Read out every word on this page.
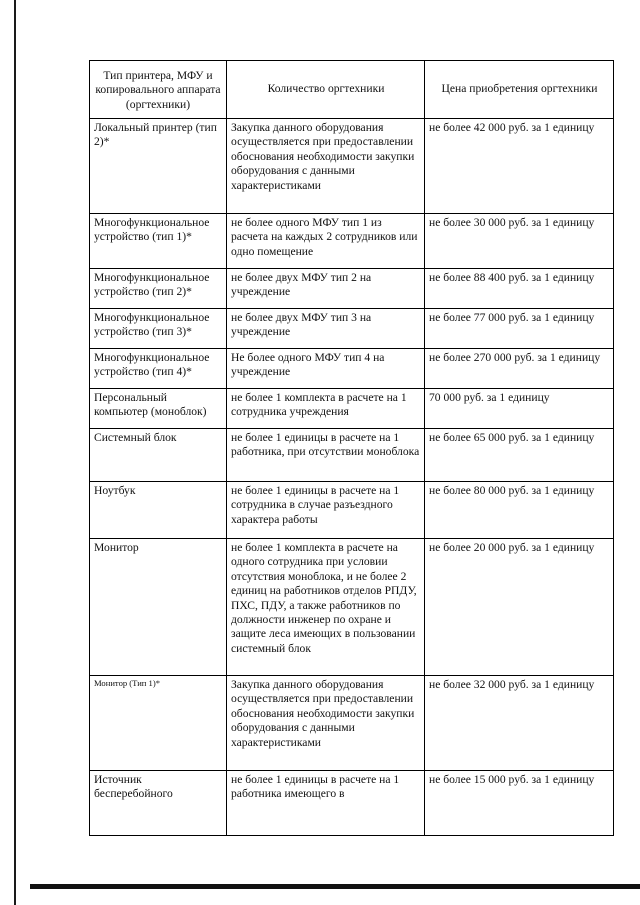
Тип принтера, МФУ и копировального аппарата (оргтехники)	Количество оргтехники	Цена приобретения оргтехники
Локальный принтер (тип 2)*	Закупка данного оборудования осуществляется при предоставлении обоснования необходимости закупки оборудования с данными характеристиками	не более 42 000 руб. за 1 единицу
Многофункциональное устройство (тип 1)*	не более одного МФУ тип 1 из расчета на каждых 2 сотрудников или одно помещение	не более 30 000 руб. за 1 единицу
Многофункциональное устройство (тип 2)*	не более двух МФУ тип 2 на учреждение	не более 88 400 руб. за 1 единицу
Многофункциональное устройство (тип 3)*	не более двух МФУ тип 3 на учреждение	не более 77 000 руб. за 1 единицу
Многофункциональное устройство (тип 4)*	Не более одного МФУ тип 4 на учреждение	не более 270 000 руб. за 1 единицу
Персональный компьютер (моноблок)	не более 1 комплекта в расчете на 1 сотрудника учреждения	70 000 руб. за 1 единицу
Системный блок	не более 1 единицы в расчете на 1 работника, при отсутствии моноблока	не более 65 000 руб. за 1 единицу
Ноутбук	не более 1 единицы в расчете на 1 сотрудника в случае разъездного характера работы	не более 80 000 руб. за 1 единицу
Монитор	не более 1 комплекта в расчете на одного сотрудника при условии отсутствия моноблока, и не более 2 единиц на работников отделов РПДУ, ПХС, ПДУ, а также работников по должности инженер по охране и защите леса имеющих в пользовании системный блок	не более 20 000 руб. за 1 единицу
Монитор (Тип 1)*	Закупка данного оборудования осуществляется при предоставлении обоснования необходимости закупки оборудования с данными характеристиками	не более 32 000 руб. за 1 единицу
Источник бесперебойного	не более 1 единицы в расчете на 1 работника имеющего в	не более 15 000 руб. за 1 единицу
